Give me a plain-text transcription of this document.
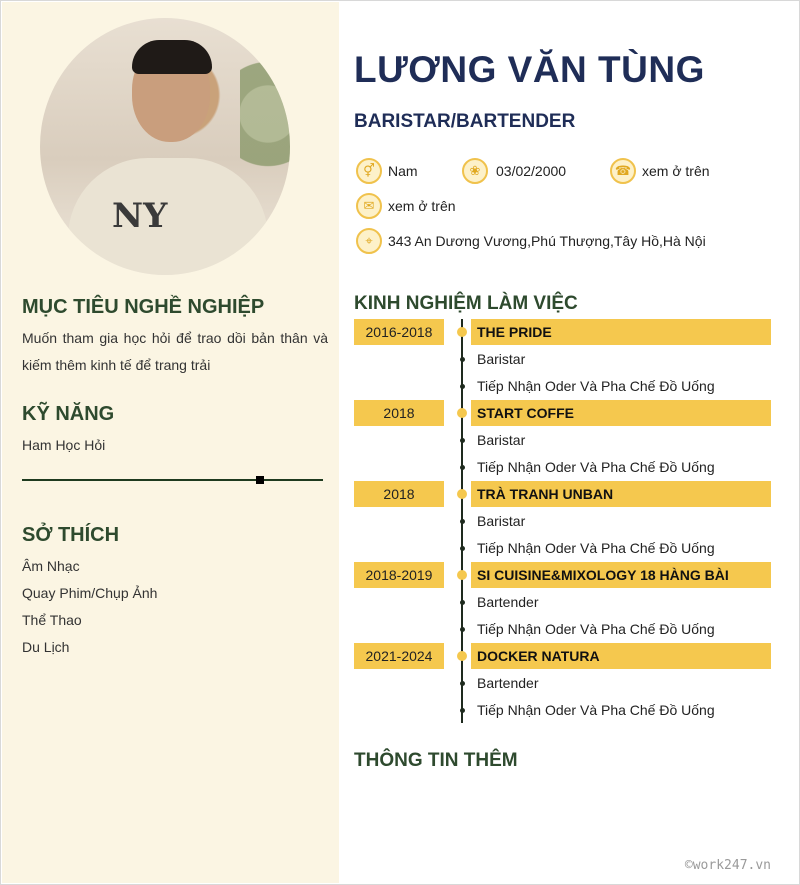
NY
MỤC TIÊU NGHỀ NGHIỆP
Muốn tham gia học hỏi để trao dồi bản thân và kiếm thêm kinh tế để trang trải
KỸ NĂNG
Ham Học Hỏi
SỞ THÍCH
Âm Nhạc
Quay Phim/Chụp Ảnh
Thể Thao
Du Lịch
LƯƠNG VĂN TÙNG
BARISTAR/BARTENDER
⚥ Nam	❀	03/02/2000	☎ xem ở trên
✉ xem ở trên
⌖	343 An Dương Vương,Phú Thượng,Tây Hồ,Hà Nội
KINH NGHIỆM LÀM VIỆC
2016-2018	THE PRIDE
Baristar
Tiếp Nhận Oder Và Pha Chế Đồ Uống
2018	START COFFE
Baristar
Tiếp Nhận Oder Và Pha Chế Đồ Uống
2018	TRÀ TRANH UNBAN
Baristar
Tiếp Nhận Oder Và Pha Chế Đồ Uống
2018-2019	SI CUISINE&MIXOLOGY 18 HÀNG BÀI
Bartender
Tiếp Nhận Oder Và Pha Chế Đồ Uống
2021-2024	DOCKER NATURA
Bartender
Tiếp Nhận Oder Và Pha Chế Đồ Uống
THÔNG TIN THÊM
©work247.vn
